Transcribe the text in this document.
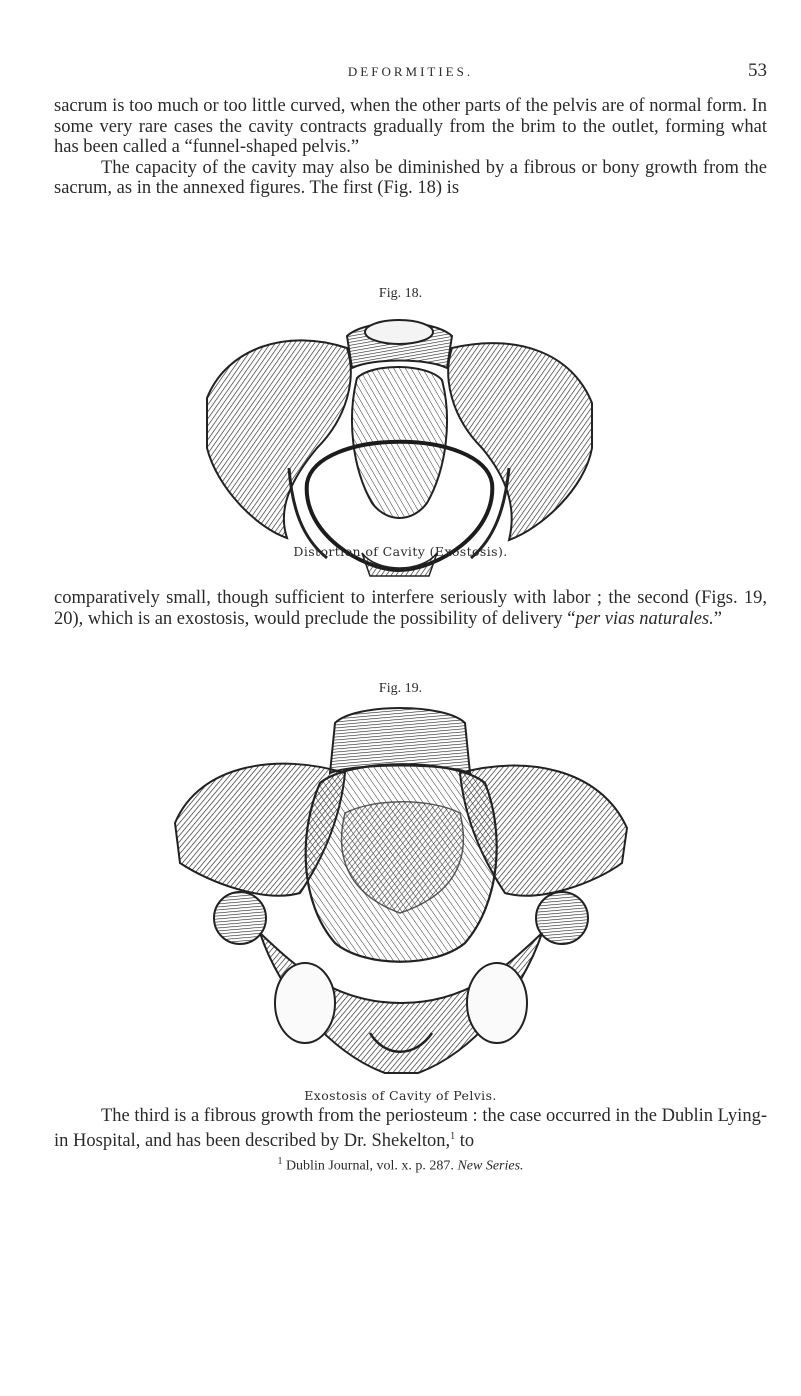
DEFORMITIES.	53

sacrum is too much or too little curved, when the other parts of the pelvis are of normal form. In some very rare cases the cavity contracts gradually from the brim to the outlet, forming what has been called a “funnel-shaped pelvis.”
The capacity of the cavity may also be diminished by a fibrous or bony growth from the sacrum, as in the annexed figures. The first (Fig. 18) is

Fig. 18.

Distortion of Cavity (Exostosis).

comparatively small, though sufficient to interfere seriously with labor ; the second (Figs. 19, 20), which is an exostosis, would preclude the possibility of delivery “per vias naturales.”

Fig. 19.

Exostosis of Cavity of Pelvis.

The third is a fibrous growth from the periosteum : the case occurred in the Dublin Lying-in Hospital, and has been described by Dr. Shekelton,$^1$ to

$^1$ Dublin Journal, vol. x. p. 287. New Series.
